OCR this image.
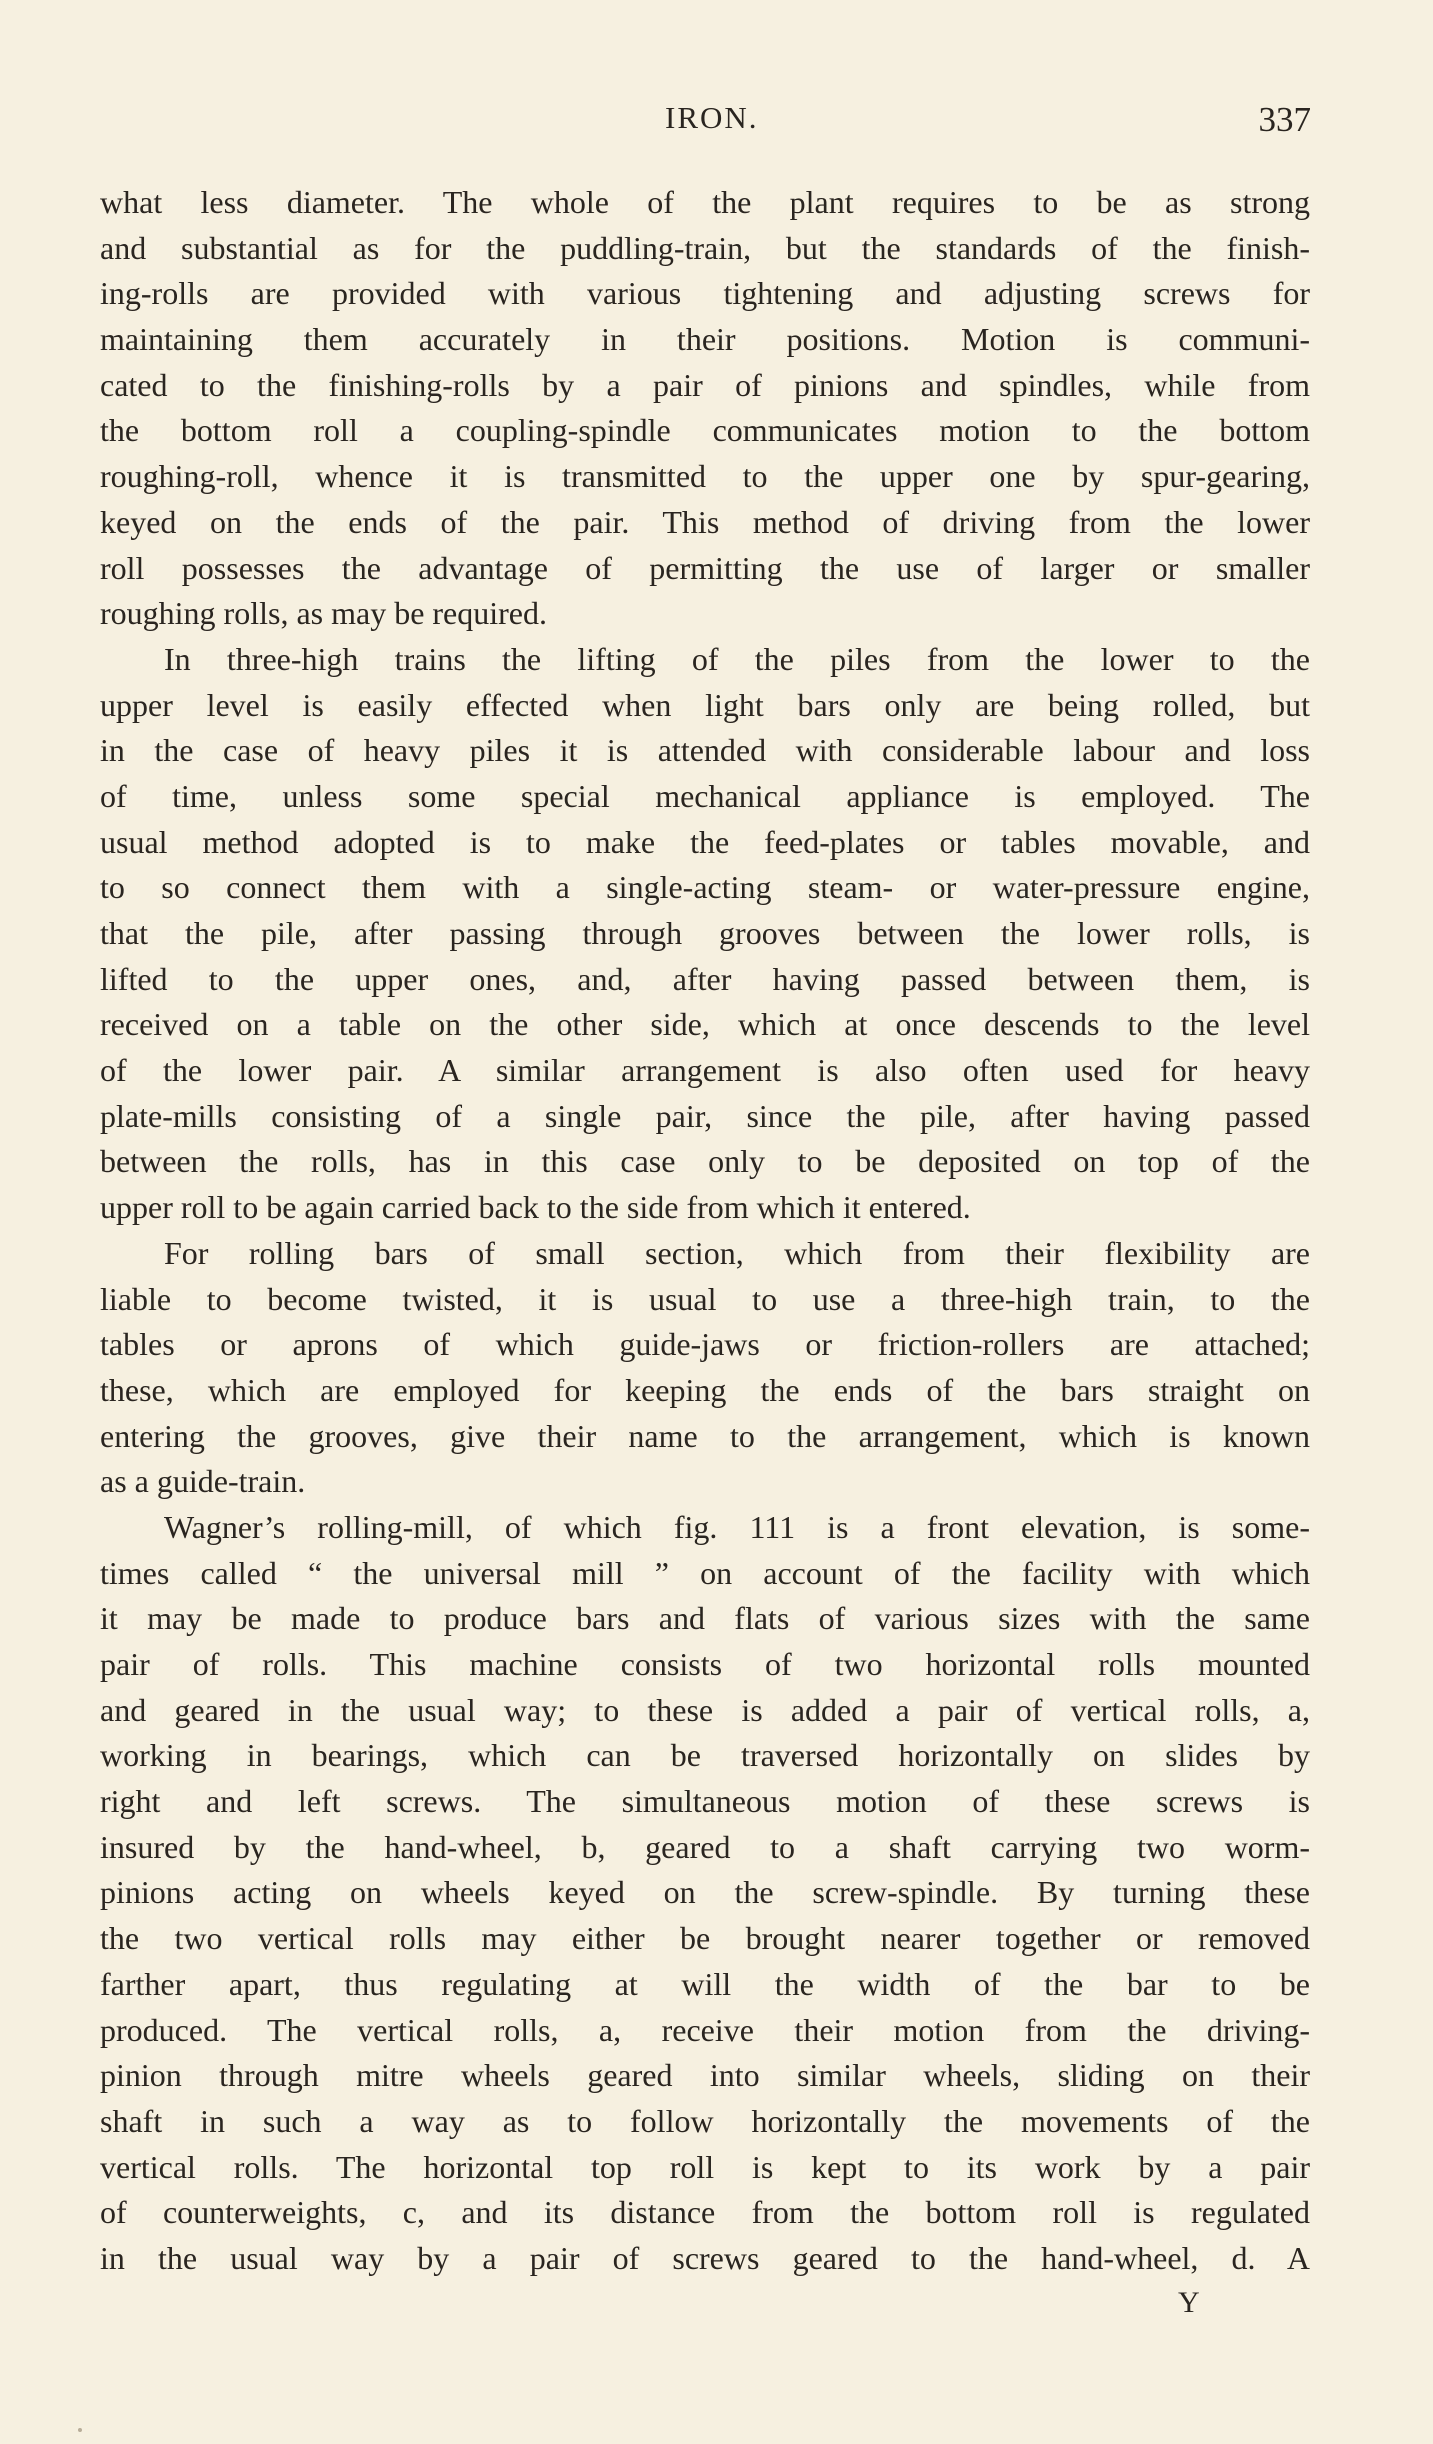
IRON.	337
what less diameter. The whole of the plant requires to be as strong
and substantial as for the puddling-train, but the standards of the finish-
ing-rolls are provided with various tightening and adjusting screws for
maintaining them accurately in their positions. Motion is communi-
cated to the finishing-rolls by a pair of pinions and spindles, while from
the bottom roll a coupling-spindle communicates motion to the bottom
roughing-roll, whence it is transmitted to the upper one by spur-gearing,
keyed on the ends of the pair. This method of driving from the lower
roll possesses the advantage of permitting the use of larger or smaller
roughing rolls, as may be required.
In three-high trains the lifting of the piles from the lower to the
upper level is easily effected when light bars only are being rolled, but
in the case of heavy piles it is attended with considerable labour and loss
of time, unless some special mechanical appliance is employed. The
usual method adopted is to make the feed-plates or tables movable, and
to so connect them with a single-acting steam- or water-pressure engine,
that the pile, after passing through grooves between the lower rolls, is
lifted to the upper ones, and, after having passed between them, is
received on a table on the other side, which at once descends to the level
of the lower pair. A similar arrangement is also often used for heavy
plate-mills consisting of a single pair, since the pile, after having passed
between the rolls, has in this case only to be deposited on top of the
upper roll to be again carried back to the side from which it entered.
For rolling bars of small section, which from their flexibility are
liable to become twisted, it is usual to use a three-high train, to the
tables or aprons of which guide-jaws or friction-rollers are attached;
these, which are employed for keeping the ends of the bars straight on
entering the grooves, give their name to the arrangement, which is known
as a guide-train.
Wagner’s rolling-mill, of which fig. 111 is a front elevation, is some-
times called “ the universal mill ” on account of the facility with which
it may be made to produce bars and flats of various sizes with the same
pair of rolls. This machine consists of two horizontal rolls mounted
and geared in the usual way; to these is added a pair of vertical rolls, a,
working in bearings, which can be traversed horizontally on slides by
right and left screws. The simultaneous motion of these screws is
insured by the hand-wheel, b, geared to a shaft carrying two worm-
pinions acting on wheels keyed on the screw-spindle. By turning these
the two vertical rolls may either be brought nearer together or removed
farther apart, thus regulating at will the width of the bar to be
produced. The vertical rolls, a, receive their motion from the driving-
pinion through mitre wheels geared into similar wheels, sliding on their
shaft in such a way as to follow horizontally the movements of the
vertical rolls. The horizontal top roll is kept to its work by a pair
of counterweights, c, and its distance from the bottom roll is regulated
in the usual way by a pair of screws geared to the hand-wheel, d. A
Y
